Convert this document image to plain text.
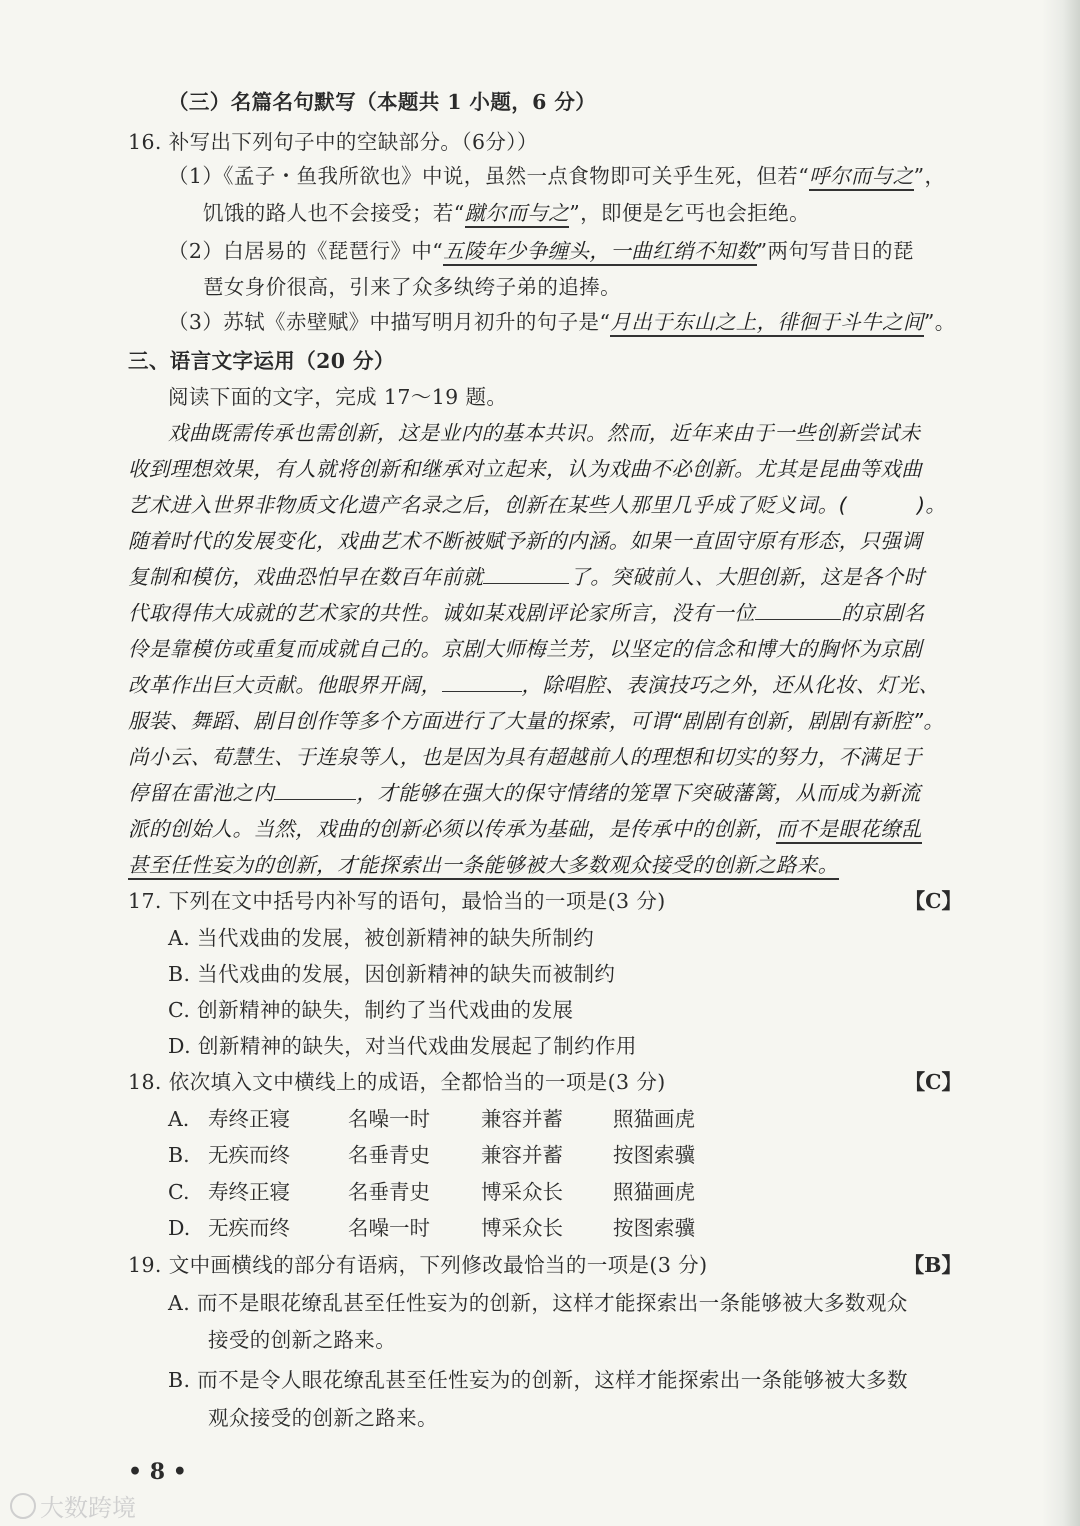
（三）名篇名句默写（本题共 1 小题，6 分）
16. 补写出下列句子中的空缺部分。（6分））
（1）《孟子・鱼我所欲也》中说，虽然一点食物即可关乎生死，但若“呼尔而与之”，
饥饿的路人也不会接受；若“蹴尔而与之”，即便是乞丐也会拒绝。
（2）白居易的《琵琶行》中“五陵年少争缠头，一曲红绡不知数”两句写昔日的琵
琶女身价很高，引来了众多纨绔子弟的追捧。
（3）苏轼《赤壁赋》中描写明月初升的句子是“月出于东山之上，徘徊于斗牛之间”。
三、语言文字运用（20 分）
阅读下面的文字，完成 17～19 题。
戏曲既需传承也需创新，这是业内的基本共识。然而，近年来由于一些创新尝试未
收到理想效果，有人就将创新和继承对立起来，认为戏曲不必创新。尤其是昆曲等戏曲
艺术进入世界非物质文化遗产名录之后，创新在某些人那里几乎成了贬义词。(	)。
随着时代的发展变化，戏曲艺术不断被赋予新的内涵。如果一直固守原有形态，只强调
复制和模仿，戏曲恐怕早在数百年前就	了。突破前人、大胆创新，这是各个时
代取得伟大成就的艺术家的共性。诚如某戏剧评论家所言，没有一位	的京剧名
伶是靠模仿或重复而成就自己的。京剧大师梅兰芳，以坚定的信念和博大的胸怀为京剧
改革作出巨大贡献。他眼界开阔，	，除唱腔、表演技巧之外，还从化妆、灯光、
服装、舞蹈、剧目创作等多个方面进行了大量的探索，可谓“剧剧有创新，剧剧有新腔”。
尚小云、荀慧生、于连泉等人，也是因为具有超越前人的理想和切实的努力，不满足于
停留在雷池之内	，才能够在强大的保守情绪的笼罩下突破藩篱，从而成为新流
派的创始人。当然，戏曲的创新必须以传承为基础，是传承中的创新，而不是眼花缭乱
甚至任性妄为的创新，才能探索出一条能够被大多数观众接受的创新之路来。
17. 下列在文中括号内补写的语句，最恰当的一项是(3 分)	【C】
A. 当代戏曲的发展，被创新精神的缺失所制约
B. 当代戏曲的发展，因创新精神的缺失而被制约
C. 创新精神的缺失，制约了当代戏曲的发展
D. 创新精神的缺失，对当代戏曲发展起了制约作用
18. 依次填入文中横线上的成语，全都恰当的一项是(3 分)	【C】
A. 寿终正寝	名噪一时 兼容并蓄 照猫画虎
B. 无疾而终	名垂青史 兼容并蓄 按图索骥
C. 寿终正寝	名垂青史 博采众长 照猫画虎
D. 无疾而终	名噪一时 博采众长 按图索骥
19. 文中画横线的部分有语病，下列修改最恰当的一项是(3 分)	【B】
A. 而不是眼花缭乱甚至任性妄为的创新，这样才能探索出一条能够被大多数观众
接受的创新之路来。
B. 而不是令人眼花缭乱甚至任性妄为的创新，这样才能探索出一条能够被大多数
观众接受的创新之路来。
• 8 •
大数跨境
